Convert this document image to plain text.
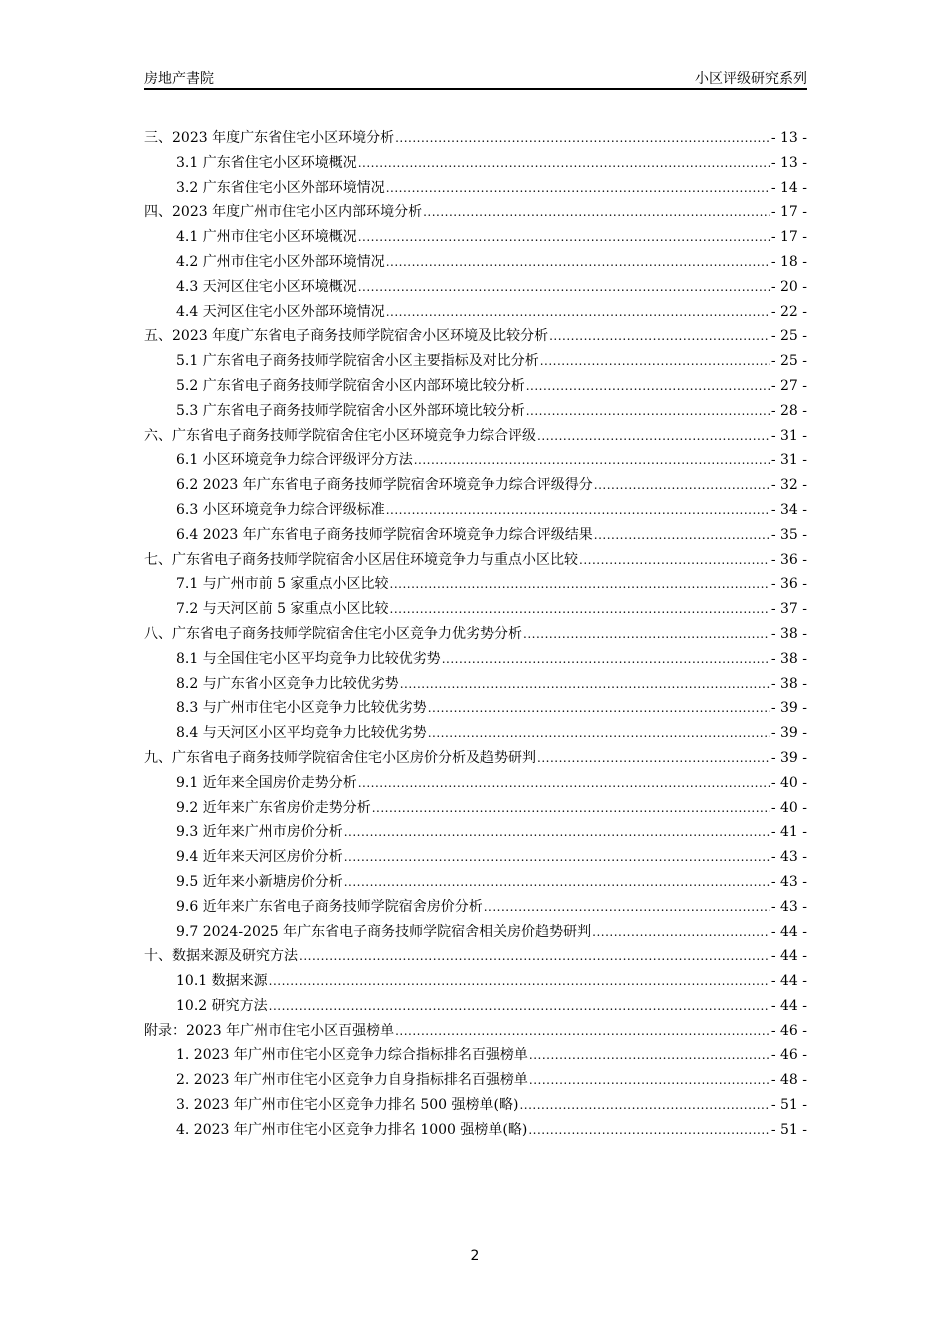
房地产書院	小区评级研究系列
三、2023 年度广东省住宅小区环境分析 .....	- 13 -
3.1 广东省住宅小区环境概况 .....	- 13 -
3.2 广东省住宅小区外部环境情况 .....	- 14 -
四、2023 年度广州市住宅小区内部环境分析 .....	- 17 -
4.1 广州市住宅小区环境概况 .....	- 17 -
4.2 广州市住宅小区外部环境情况 .....	- 18 -
4.3 天河区住宅小区环境概况 .....	- 20 -
4.4 天河区住宅小区外部环境情况 .....	- 22 -
五、2023 年度广东省电子商务技师学院宿舍小区环境及比较分析 .....	- 25 -
5.1 广东省电子商务技师学院宿舍小区主要指标及对比分析 .....	- 25 -
5.2 广东省电子商务技师学院宿舍小区内部环境比较分析 .....	- 27 -
5.3 广东省电子商务技师学院宿舍小区外部环境比较分析 .....	- 28 -
六、广东省电子商务技师学院宿舍住宅小区环境竞争力综合评级 .....	- 31 -
6.1 小区环境竞争力综合评级评分方法 .....	- 31 -
6.2 2023 年广东省电子商务技师学院宿舍环境竞争力综合评级得分 .....	- 32 -
6.3 小区环境竞争力综合评级标准 .....	- 34 -
6.4 2023 年广东省电子商务技师学院宿舍环境竞争力综合评级结果 .....	- 35 -
七、广东省电子商务技师学院宿舍小区居住环境竞争力与重点小区比较 .....	- 36 -
7.1 与广州市前 5 家重点小区比较 .....	- 36 -
7.2 与天河区前 5 家重点小区比较 .....	- 37 -
八、广东省电子商务技师学院宿舍住宅小区竞争力优劣势分析 .....	- 38 -
8.1 与全国住宅小区平均竞争力比较优劣势 .....	- 38 -
8.2 与广东省小区竞争力比较优劣势 .....	- 38 -
8.3 与广州市住宅小区竞争力比较优劣势 .....	- 39 -
8.4 与天河区小区平均竞争力比较优劣势 .....	- 39 -
九、广东省电子商务技师学院宿舍住宅小区房价分析及趋势研判 .....	- 39 -
9.1 近年来全国房价走势分析 .....	- 40 -
9.2 近年来广东省房价走势分析 .....	- 40 -
9.3 近年来广州市房价分析 .....	- 41 -
9.4 近年来天河区房价分析 .....	- 43 -
9.5 近年来小新塘房价分析 .....	- 43 -
9.6 近年来广东省电子商务技师学院宿舍房价分析 .....	- 43 -
9.7 2024-2025 年广东省电子商务技师学院宿舍相关房价趋势研判 .....	- 44 -
十、数据来源及研究方法 .....	- 44 -
10.1 数据来源 .....	- 44 -
10.2 研究方法 .....	- 44 -
附录：2023 年广州市住宅小区百强榜单 .....	- 46 -
1. 2023 年广州市住宅小区竞争力综合指标排名百强榜单 .....	- 46 -
2. 2023 年广州市住宅小区竞争力自身指标排名百强榜单 .....	- 48 -
3. 2023 年广州市住宅小区竞争力排名 500 强榜单(略) .....	- 51 -
4. 2023 年广州市住宅小区竞争力排名 1000 强榜单(略) .....	- 51 -
2
